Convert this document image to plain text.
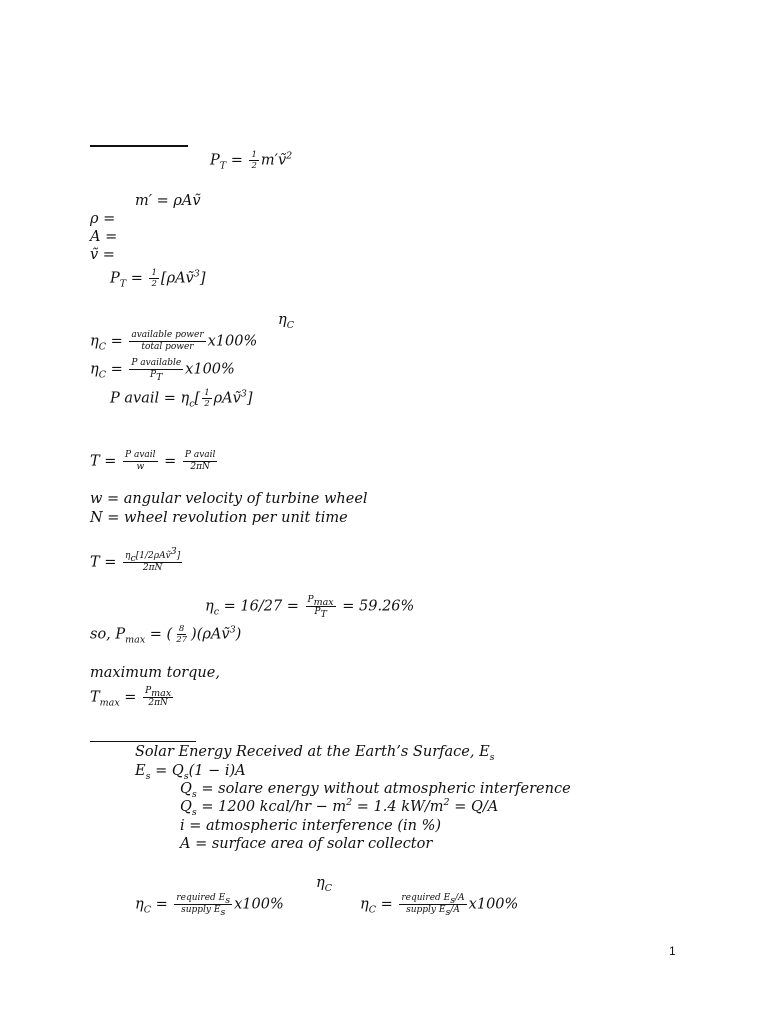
$P_T = \frac{1}{2}$ m′ṽ$^2$
m′ = ρAṽ
ρ =
A =
ṽ =
$P_T = \frac{1}{2}$ [ρAṽ$^3$]
$\eta_C$
$\eta_C = \frac{\text{available power}}{\text{total power}} x100\%$
$\eta_C = \frac{\text{P available}}{P_T} x100\%$
P avail = $\eta_c[ \frac{1}{2}$ ρAṽ$^3$]
$T = \frac{\text{P avail}}{w} = \frac{\text{P avail}}{2\pi N}$
w = angular velocity of turbine wheel
N = wheel revolution per unit time
$T = \frac{\eta_c[1/2\rho Aṽ^3]}{2\pi N}$
$\eta_c = 16/27 = \frac{P_{max}}{P_T} = 59.26\%$
so, $P_{max}$ = ( $\frac{8}{27}$ )(ρAṽ$^3$)
maximum torque,
$T_{max} = \frac{P_{max}}{2\pi N}$
Solar Energy Received at the Earth’s Surface, $E_s$
$E_s = Q_s(1 - i)A$
$Q_s$ = solare energy without atmospheric interference
$Q_s = 1200$ kcal/hr − $m^2 = 1.4$ $kW/m^2 = Q/A$
i = atmospheric interference (in %)
A = surface area of solar collector
$\eta_C$
$\eta_C = \frac{required E_s}{supply E_s} x100\%$	$\eta_C = \frac{required E_s/A}{supply E_s/A} x100\%$
1
